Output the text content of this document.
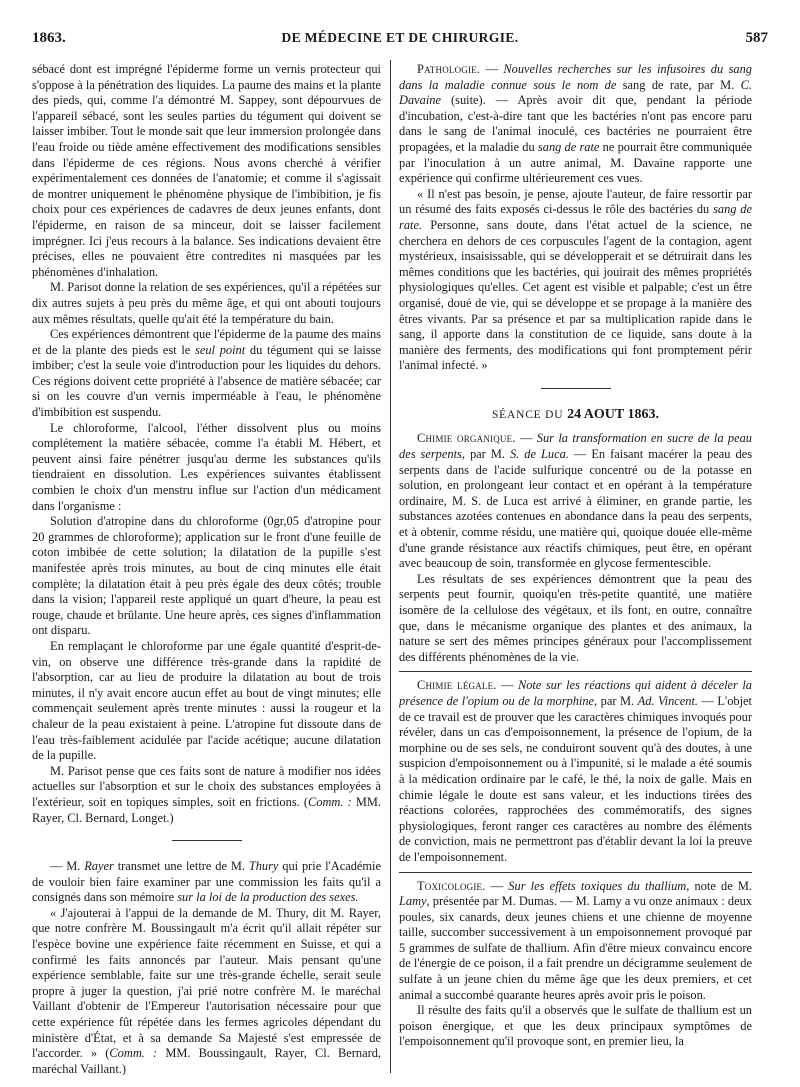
1863.	DE MÉDECINE ET DE CHIRURGIE.	587

sébacé dont est imprégné l'épiderme forme un vernis protecteur qui s'oppose à la pénétration des liquides. La paume des mains et la plante des pieds, qui, comme l'a démontré M. Sappey, sont dépourvues de l'appareil sébacé, sont les seules parties du tégument qui doivent se laisser imbiber. Tout le monde sait que leur immersion prolongée dans l'eau froide ou tiède amène effectivement des modifications sensibles dans l'épiderme de ces régions. Nous avons cherché à vérifier expérimentalement ces données de l'anatomie; et comme il s'agissait de montrer uniquement le phénomène physique de l'imbibition, je fis choix pour ces expériences de cadavres de deux jeunes enfants, dont l'épiderme, en raison de sa minceur, doit se laisser facilement imprégner. Ici j'eus recours à la balance. Ses indications devaient être précises, elles ne pouvaient être contredites ni masquées par les phénomènes d'inhalation.

M. Parisot donne la relation de ses expériences, qu'il a répétées sur dix autres sujets à peu près du même âge, et qui ont abouti toujours aux mêmes résultats, quelle qu'ait été la température du bain.

Ces expériences démontrent que l'épiderme de la paume des mains et de la plante des pieds est le seul point du tégument qui se laisse imbiber; c'est la seule voie d'introduction pour les liquides du dehors. Ces régions doivent cette propriété à l'absence de matière sébacée; car si on les couvre d'un vernis imperméable à l'eau, le phénomène d'imbibition est suspendu.

Le chloroforme, l'alcool, l'éther dissolvent plus ou moins complétement la matière sébacée, comme l'a établi M. Hébert, et peuvent ainsi faire pénétrer jusqu'au derme les substances qu'ils tiendraient en dissolution. Les expériences suivantes établissent combien le choix d'un menstru influe sur l'action d'un médicament dans l'organisme :

Solution d'atropine dans du chloroforme (0gr,05 d'atropine pour 20 grammes de chloroforme); application sur le front d'une feuille de coton imbibée de cette solution; la dilatation de la pupille s'est manifestée après trois minutes, au bout de cinq minutes elle était complète; la dilatation était à peu près égale des deux côtés; trouble dans la vision; l'appareil reste appliqué un quart d'heure, la peau est rouge, chaude et brûlante. Une heure après, ces signes d'inflammation ont disparu.

En remplaçant le chloroforme par une égale quantité d'esprit-de-vin, on observe une différence très-grande dans la rapidité de l'absorption, car au lieu de produire la dilatation au bout de trois minutes, il n'y avait encore aucun effet au bout de vingt minutes; elle commençait seulement après trente minutes : aussi la rougeur et la chaleur de la peau existaient à peine. L'atropine fut dissoute dans de l'eau très-faiblement acidulée par l'acide acétique; aucune dilatation de la pupille.

M. Parisot pense que ces faits sont de nature à modifier nos idées actuelles sur l'absorption et sur le choix des substances employées à l'extérieur, soit en topiques simples, soit en frictions. (Comm. : MM. Rayer, Cl. Bernard, Longet.)

— M. Rayer transmet une lettre de M. Thury qui prie l'Académie de vouloir bien faire examiner par une commission les faits qu'il a consignés dans son mémoire sur la loi de la production des sexes.

« J'ajouterai à l'appui de la demande de M. Thury, dit M. Rayer, que notre confrère M. Boussingault m'a écrit qu'il allait répéter sur l'espèce bovine une expérience faite récemment en Suisse, et qui a confirmé les faits annoncés par l'auteur. Mais pensant qu'une expérience semblable, faite sur une très-grande échelle, serait seule propre à juger la question, j'ai prié notre confrère M. le maréchal Vaillant d'obtenir de l'Empereur l'autorisation nécessaire pour que cette expérience fût répétée dans les fermes agricoles dépendant du ministère d'État, et à sa demande Sa Majesté s'est empressée de l'accorder. » (Comm. : MM. Boussingault, Rayer, Cl. Bernard, maréchal Vaillant.)

Pathologie. — Nouvelles recherches sur les infusoires du sang dans la maladie connue sous le nom de sang de rate, par M. C. Davaine (suite). — Après avoir dit que, pendant la période d'incubation, c'est-à-dire tant que les bactéries n'ont pas encore paru dans le sang de l'animal inoculé, ces bactéries ne pourraient être propagées, et la maladie du sang de rate ne pourrait être communiquée par l'inoculation à un autre animal, M. Davaine rapporte une expérience qui confirme ultérieurement ces vues.

« Il n'est pas besoin, je pense, ajoute l'auteur, de faire ressortir par un résumé des faits exposés ci-dessus le rôle des bactéries du sang de rate. Personne, sans doute, dans l'état actuel de la science, ne cherchera en dehors de ces corpuscules l'agent de la contagion, agent mystérieux, insaisissable, qui se développerait et se détruirait dans les mêmes conditions que les bactéries, qui jouirait des mêmes propriétés physiologiques qu'elles. Cet agent est visible et palpable; c'est un être organisé, doué de vie, qui se développe et se propage à la manière des êtres vivants. Par sa présence et par sa multiplication rapide dans le sang, il apporte dans la constitution de ce liquide, sans doute à la manière des ferments, des modifications qui font promptement périr l'animal infecté. »

SÉANCE DU 24 AOUT 1863.

Chimie organique. — Sur la transformation en sucre de la peau des serpents, par M. S. de Luca. — En faisant macérer la peau des serpents dans de l'acide sulfurique concentré ou de la potasse en solution, en prolongeant leur contact et en opérant à la température ordinaire, M. S. de Luca est arrivé à éliminer, en grande partie, les substances azotées contenues en abondance dans la peau des serpents, et à obtenir, comme résidu, une matière qui, quoique douée elle-même d'une grande résistance aux réactifs chimiques, peut être, en opérant avec beaucoup de soin, transformée en glycose fermentescible.

Les résultats de ses expériences démontrent que la peau des serpents peut fournir, quoiqu'en très-petite quantité, une matière isomère de la cellulose des végétaux, et ils font, en outre, connaître que, dans le mécanisme organique des plantes et des animaux, la nature se sert des mêmes principes généraux pour l'accomplissement des différents phénomènes de la vie.

Chimie légale. — Note sur les réactions qui aident à déceler la présence de l'opium ou de la morphine, par M. Ad. Vincent. — L'objet de ce travail est de prouver que les caractères chimiques invoqués pour révéler, dans un cas d'empoisonnement, la présence de l'opium, de la morphine ou de ses sels, ne conduiront souvent qu'à des doutes, à une suspicion d'empoisonnement ou à l'impunité, si le malade a été soumis à la médication ordinaire par le café, le thé, la noix de galle. Mais en chimie légale le doute est sans valeur, et les inductions tirées des réactions colorées, rapprochées des commémoratifs, des signes physiologiques, feront ranger ces caractères au nombre des éléments de conviction, mais ne permettront pas d'établir devant la loi la preuve de l'empoisonnement.

Toxicologie. — Sur les effets toxiques du thallium, note de M. Lamy, présentée par M. Dumas. — M. Lamy a vu onze animaux : deux poules, six canards, deux jeunes chiens et une chienne de moyenne taille, succomber successivement à un empoisonnement provoqué par 5 grammes de sulfate de thallium. Afin d'être mieux convaincu encore de l'énergie de ce poison, il a fait prendre un décigramme seulement de sulfate à un jeune chien du même âge que les deux premiers, et cet animal a succombé quarante heures après avoir pris le poison.

Il résulte des faits qu'il a observés que le sulfate de thallium est un poison énergique, et que les deux principaux symptômes de l'empoisonnement qu'il provoque sont, en premier lieu, la
